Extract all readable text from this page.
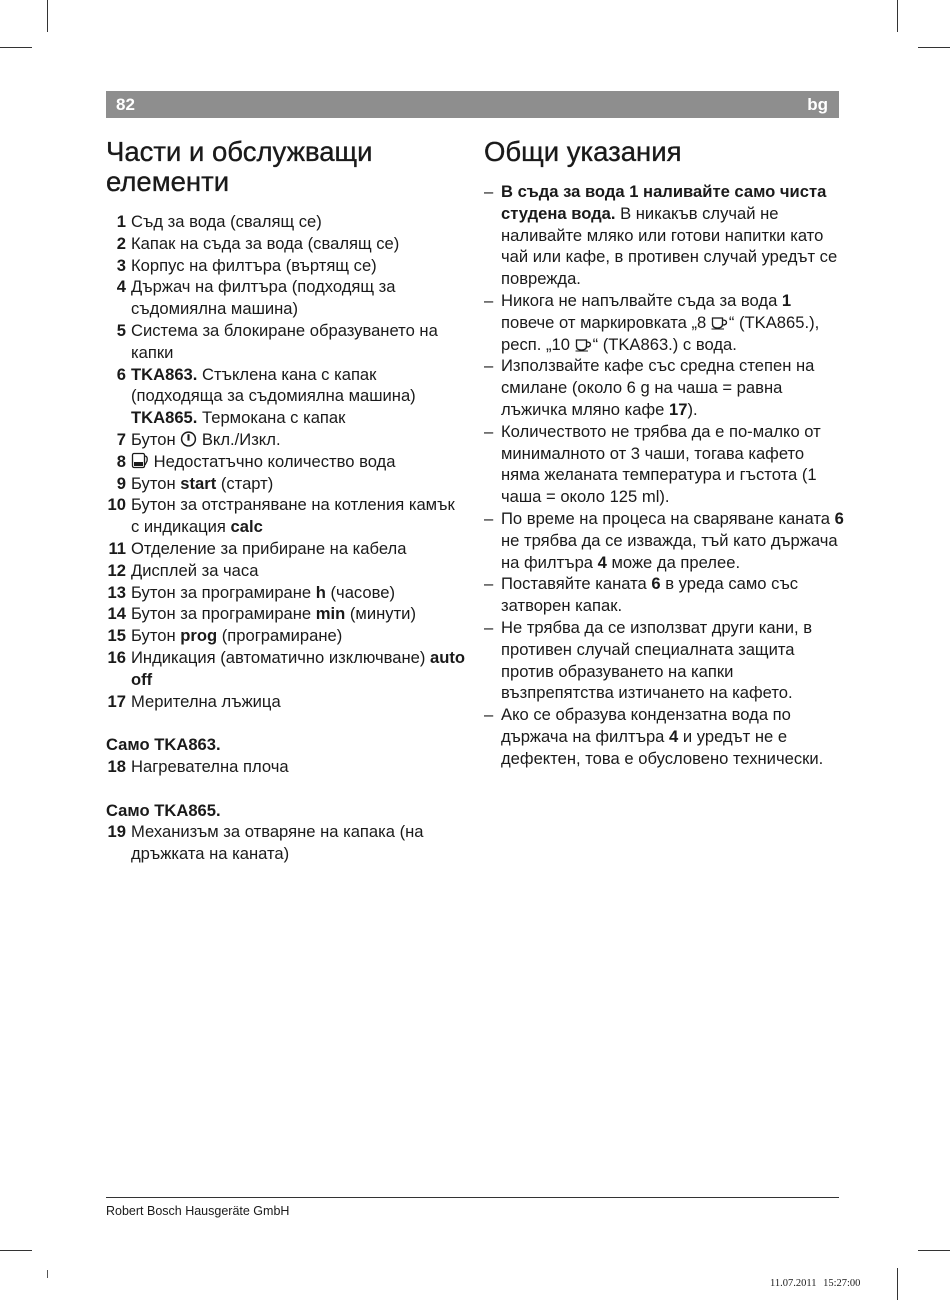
82	bg
Части и обслужващи елементи
1 Съд за вода (свалящ се)
2 Капак на съда за вода (свалящ се)
3 Корпус на филтъра (въртящ се)
4 Държач на филтъра (подходящ за съдомиялна машина)
5 Система за блокиране образуването на капки
6 TKA863. Стъклена кана с капак (подходяща за съдомиялна машина) TKA865. Термокана с капак
7 Бутон  Вкл./Изкл.
8	Недостатъчно количество вода
9 Бутон start (старт)
10 Бутон за отстраняване на котления камък с индикация calc
11 Отделение за прибиране на кабела
12 Дисплей за часа
13 Бутон за програмиране h (часове)
14 Бутон за програмиране min (минути)
15 Бутон prog (програмиране)
16 Индикация (автоматично изключване) auto off
17 Мерителна лъжица
Само TKA863.
18 Нагревателна плоча
Само TKA865.
19 Механизъм за отваряне на капака (на дръжката на каната)
Общи указания
– В съда за вода 1 наливайте само чиста студена вода. В никакъв случай не наливайте мляко или готови напитки като чай или кафе, в противен случай уредът се поврежда.
– Никога не напълвайте съда за вода 1 повече от маркировката „8 “ (TKA865.), респ. „10 “ (TKA863.) с вода.
– Използвайте кафе със средна степен на смилане (около 6 g на чаша = равна лъжичка мляно кафе 17).
– Количеството не трябва да е по-малко от минималното от 3 чаши, тогава кафето няма желаната температура и гъстота (1 чаша = около 125 ml).
– По време на процеса на сваряване каната 6 не трябва да се изважда, тъй като държача на филтъра 4 може да прелее.
– Поставяйте каната 6 в уреда само със затворен капак.
– Не трябва да се използват други кани, в противен случай специалната защита против образуването на капки възпрепятства изтичането на кафето.
– Ако се образува кондензатна вода по държача на филтъра 4 и уредът не е дефектен, това е обусловено технически.
Robert Bosch Hausgeräte GmbH
11.07.2011 15:27:00
